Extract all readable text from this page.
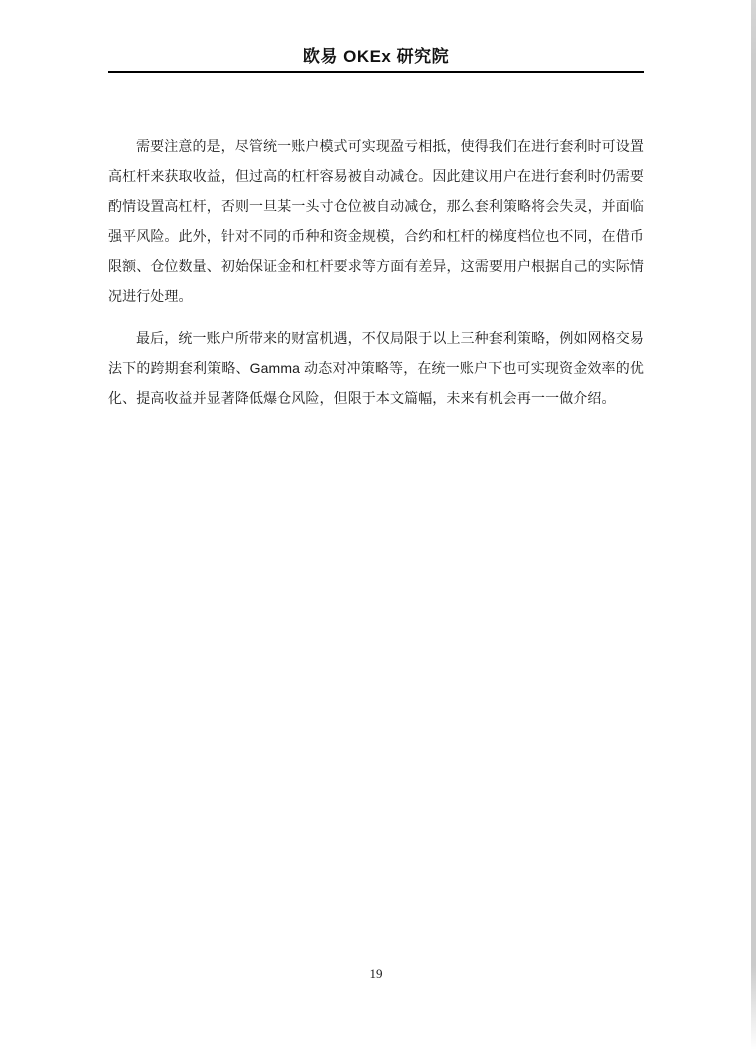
欧易 OKEx 研究院

需要注意的是，尽管统一账户模式可实现盈亏相抵，使得我们在进行套利时可设置高杠杆来获取收益，但过高的杠杆容易被自动减仓。因此建议用户在进行套利时仍需要酌情设置高杠杆，否则一旦某一头寸仓位被自动减仓，那么套利策略将会失灵，并面临强平风险。此外，针对不同的币种和资金规模，合约和杠杆的梯度档位也不同，在借币限额、仓位数量、初始保证金和杠杆要求等方面有差异，这需要用户根据自己的实际情况进行处理。

最后，统一账户所带来的财富机遇，不仅局限于以上三种套利策略，例如网格交易法下的跨期套利策略、Gamma 动态对冲策略等，在统一账户下也可实现资金效率的优化、提高收益并显著降低爆仓风险，但限于本文篇幅，未来有机会再一一做介绍。

19
